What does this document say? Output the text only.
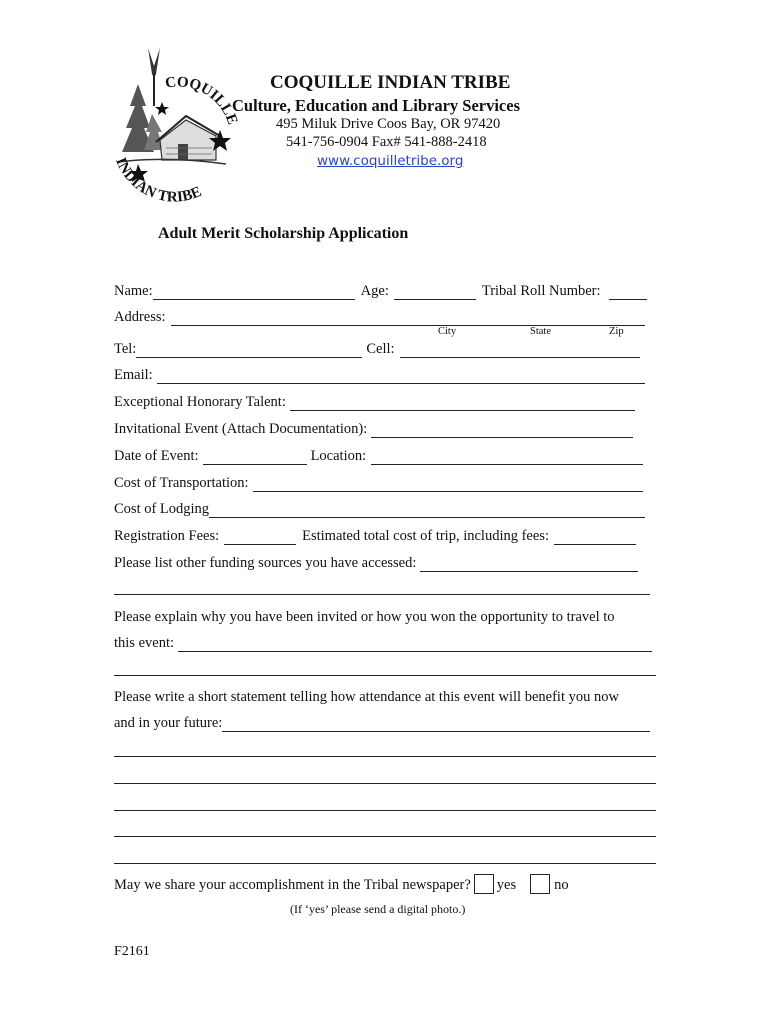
COQUILLE
INDIAN TRIBE
COQUILLE INDIAN TRIBE
Culture, Education and Library Services
495 Miluk Drive Coos Bay, OR 97420
541-756-0904 Fax# 541-888-2418
www.coquilletribe.org
Adult Merit Scholarship Application
Name:	Age:	Tribal Roll Number:
Address:
City	State	Zip
Tel:	Cell:
Email:
Exceptional Honorary Talent:
Invitational Event (Attach Documentation):
Date of Event:	Location:
Cost of Transportation:
Cost of Lodging
Registration Fees:	Estimated total cost of trip, including fees:
Please list other funding sources you have accessed:
Please explain why you have been invited or how you won the opportunity to travel to
this event:
Please write a short statement telling how attendance at this event will benefit you now
and in your future:
May we share your accomplishment in the Tribal newspaper? yes	no
(If ‘yes’ please send a digital photo.)
F2161
